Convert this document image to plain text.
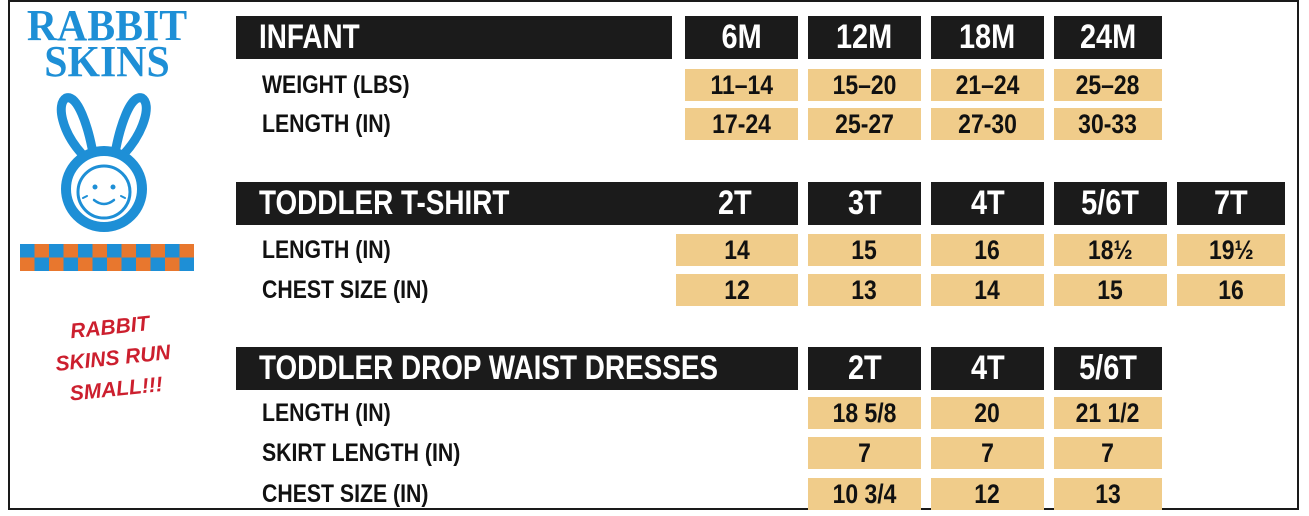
RABBIT
SKINS
RABBIT
SKINS RUN
SMALL!!!
INFANT	6M	12M	18M	24M
WEIGHT (LBS)	11–14	15–20	21–24	25–28
LENGTH (IN)	17-24	25-27	27-30	30-33
TODDLER T-SHIRT	2T	3T	4T	5/6T	7T
LENGTH (IN)	14	15	16	18½	19½
CHEST SIZE (IN)	12	13	14	15	16
TODDLER DROP WAIST DRESSES	2T	4T	5/6T
LENGTH (IN)	18 5/8	20	21 1/2
SKIRT LENGTH (IN)	7	7	7
CHEST SIZE (IN)	10 3/4	12	13
